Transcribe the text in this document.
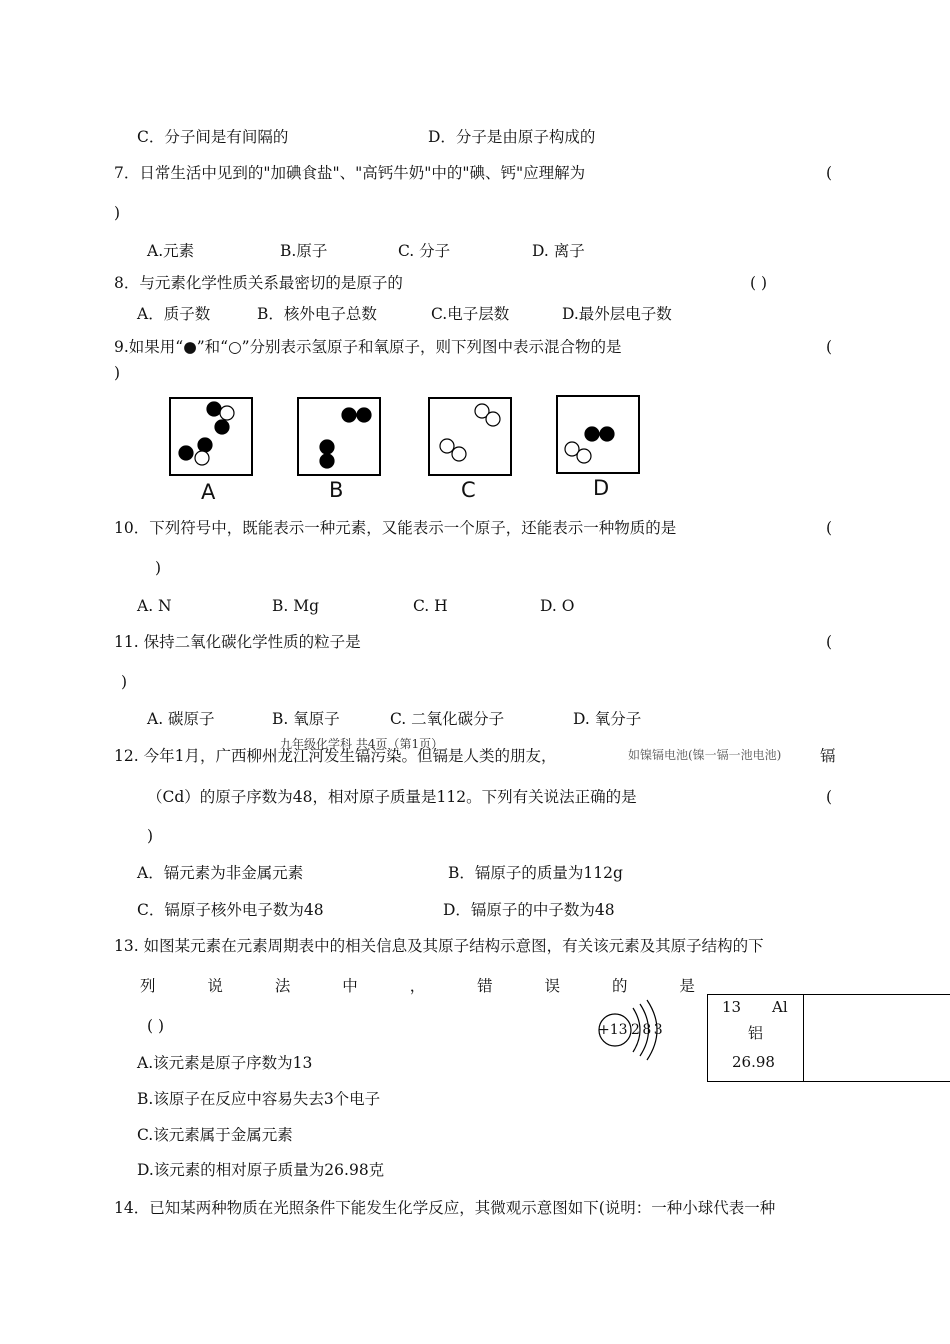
C．分子间是有间隔的	D．分子是由原子构成的
7．日常生活中见到的"加碘食盐"、"高钙牛奶"中的"碘、钙"应理解为	(
)
A.元素	B.原子	C. 分子	D. 离子
8．与元素化学性质关系最密切的是原子的	( )
A．质子数	B．核外电子总数	C.电子层数	D.最外层电子数
9.如果用“●”和“○”分别表示氢原子和氧原子，则下列图中表示混合物的是	(
)
A	B	C	D
10．下列符号中，既能表示一种元素，又能表示一个原子，还能表示一种物质的是	(
)
A. N	B. Mg	C. H	D. O
11. 保持二氧化碳化学性质的粒子是	(
)
A. 碳原子	B. 氧原子	C. 二氧化碳分子	D. 氧分子
九年级化学科 共4页（第1页）
如镍镉电池(镍一镉一池电池)
12. 今年1月，广西柳州龙江河发生镉污染。但镉是人类的朋友，	镉
（Cd）的原子序数为48，相对原子质量是112。下列有关说法正确的是	(
)
A．镉元素为非金属元素	B．镉原子的质量为112g
C．镉原子核外电子数为48	D．镉原子的中子数为48
13. 如图某元素在元素周期表中的相关信息及其原子结构示意图，有关该元素及其原子结构的下
列	说	法	中	，	错	误	的	是
( )	+13 2 8 3
13 Al
铝
26.98
A.该元素是原子序数为13
B.该原子在反应中容易失去3个电子
C.该元素属于金属元素
D.该元素的相对原子质量为26.98克
14．已知某两种物质在光照条件下能发生化学反应，其微观示意图如下(说明：一种小球代表一种
